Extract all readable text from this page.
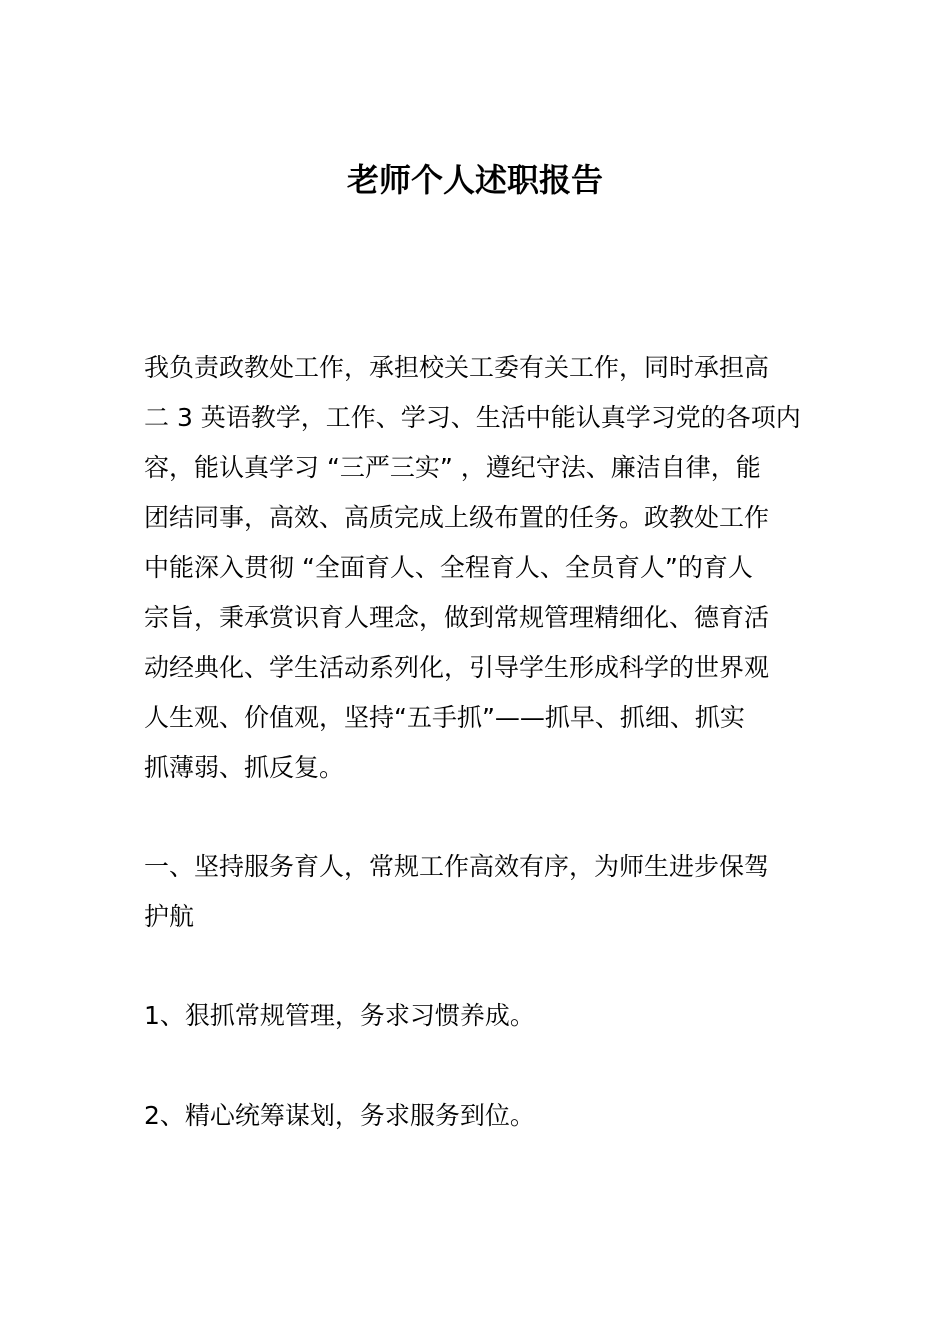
老师个人述职报告
我负责政教处工作，承担校关工委有关工作，同时承担高
二 3 英语教学，工作、学习、生活中能认真学习党的各项内
容，能认真学习 “三严三实” ，遵纪守法、廉洁自律，能
团结同事，高效、高质完成上级布置的任务。政教处工作
中能深入贯彻 “全面育人、全程育人、全员育人”的育人
宗旨，秉承赏识育人理念，做到常规管理精细化、德育活
动经典化、学生活动系列化，引导学生形成科学的世界观
人生观、价值观，坚持“五手抓”——抓早、抓细、抓实
抓薄弱、抓反复。
一、坚持服务育人，常规工作高效有序，为师生进步保驾
护航
1、狠抓常规管理，务求习惯养成。
2、精心统筹谋划，务求服务到位。
